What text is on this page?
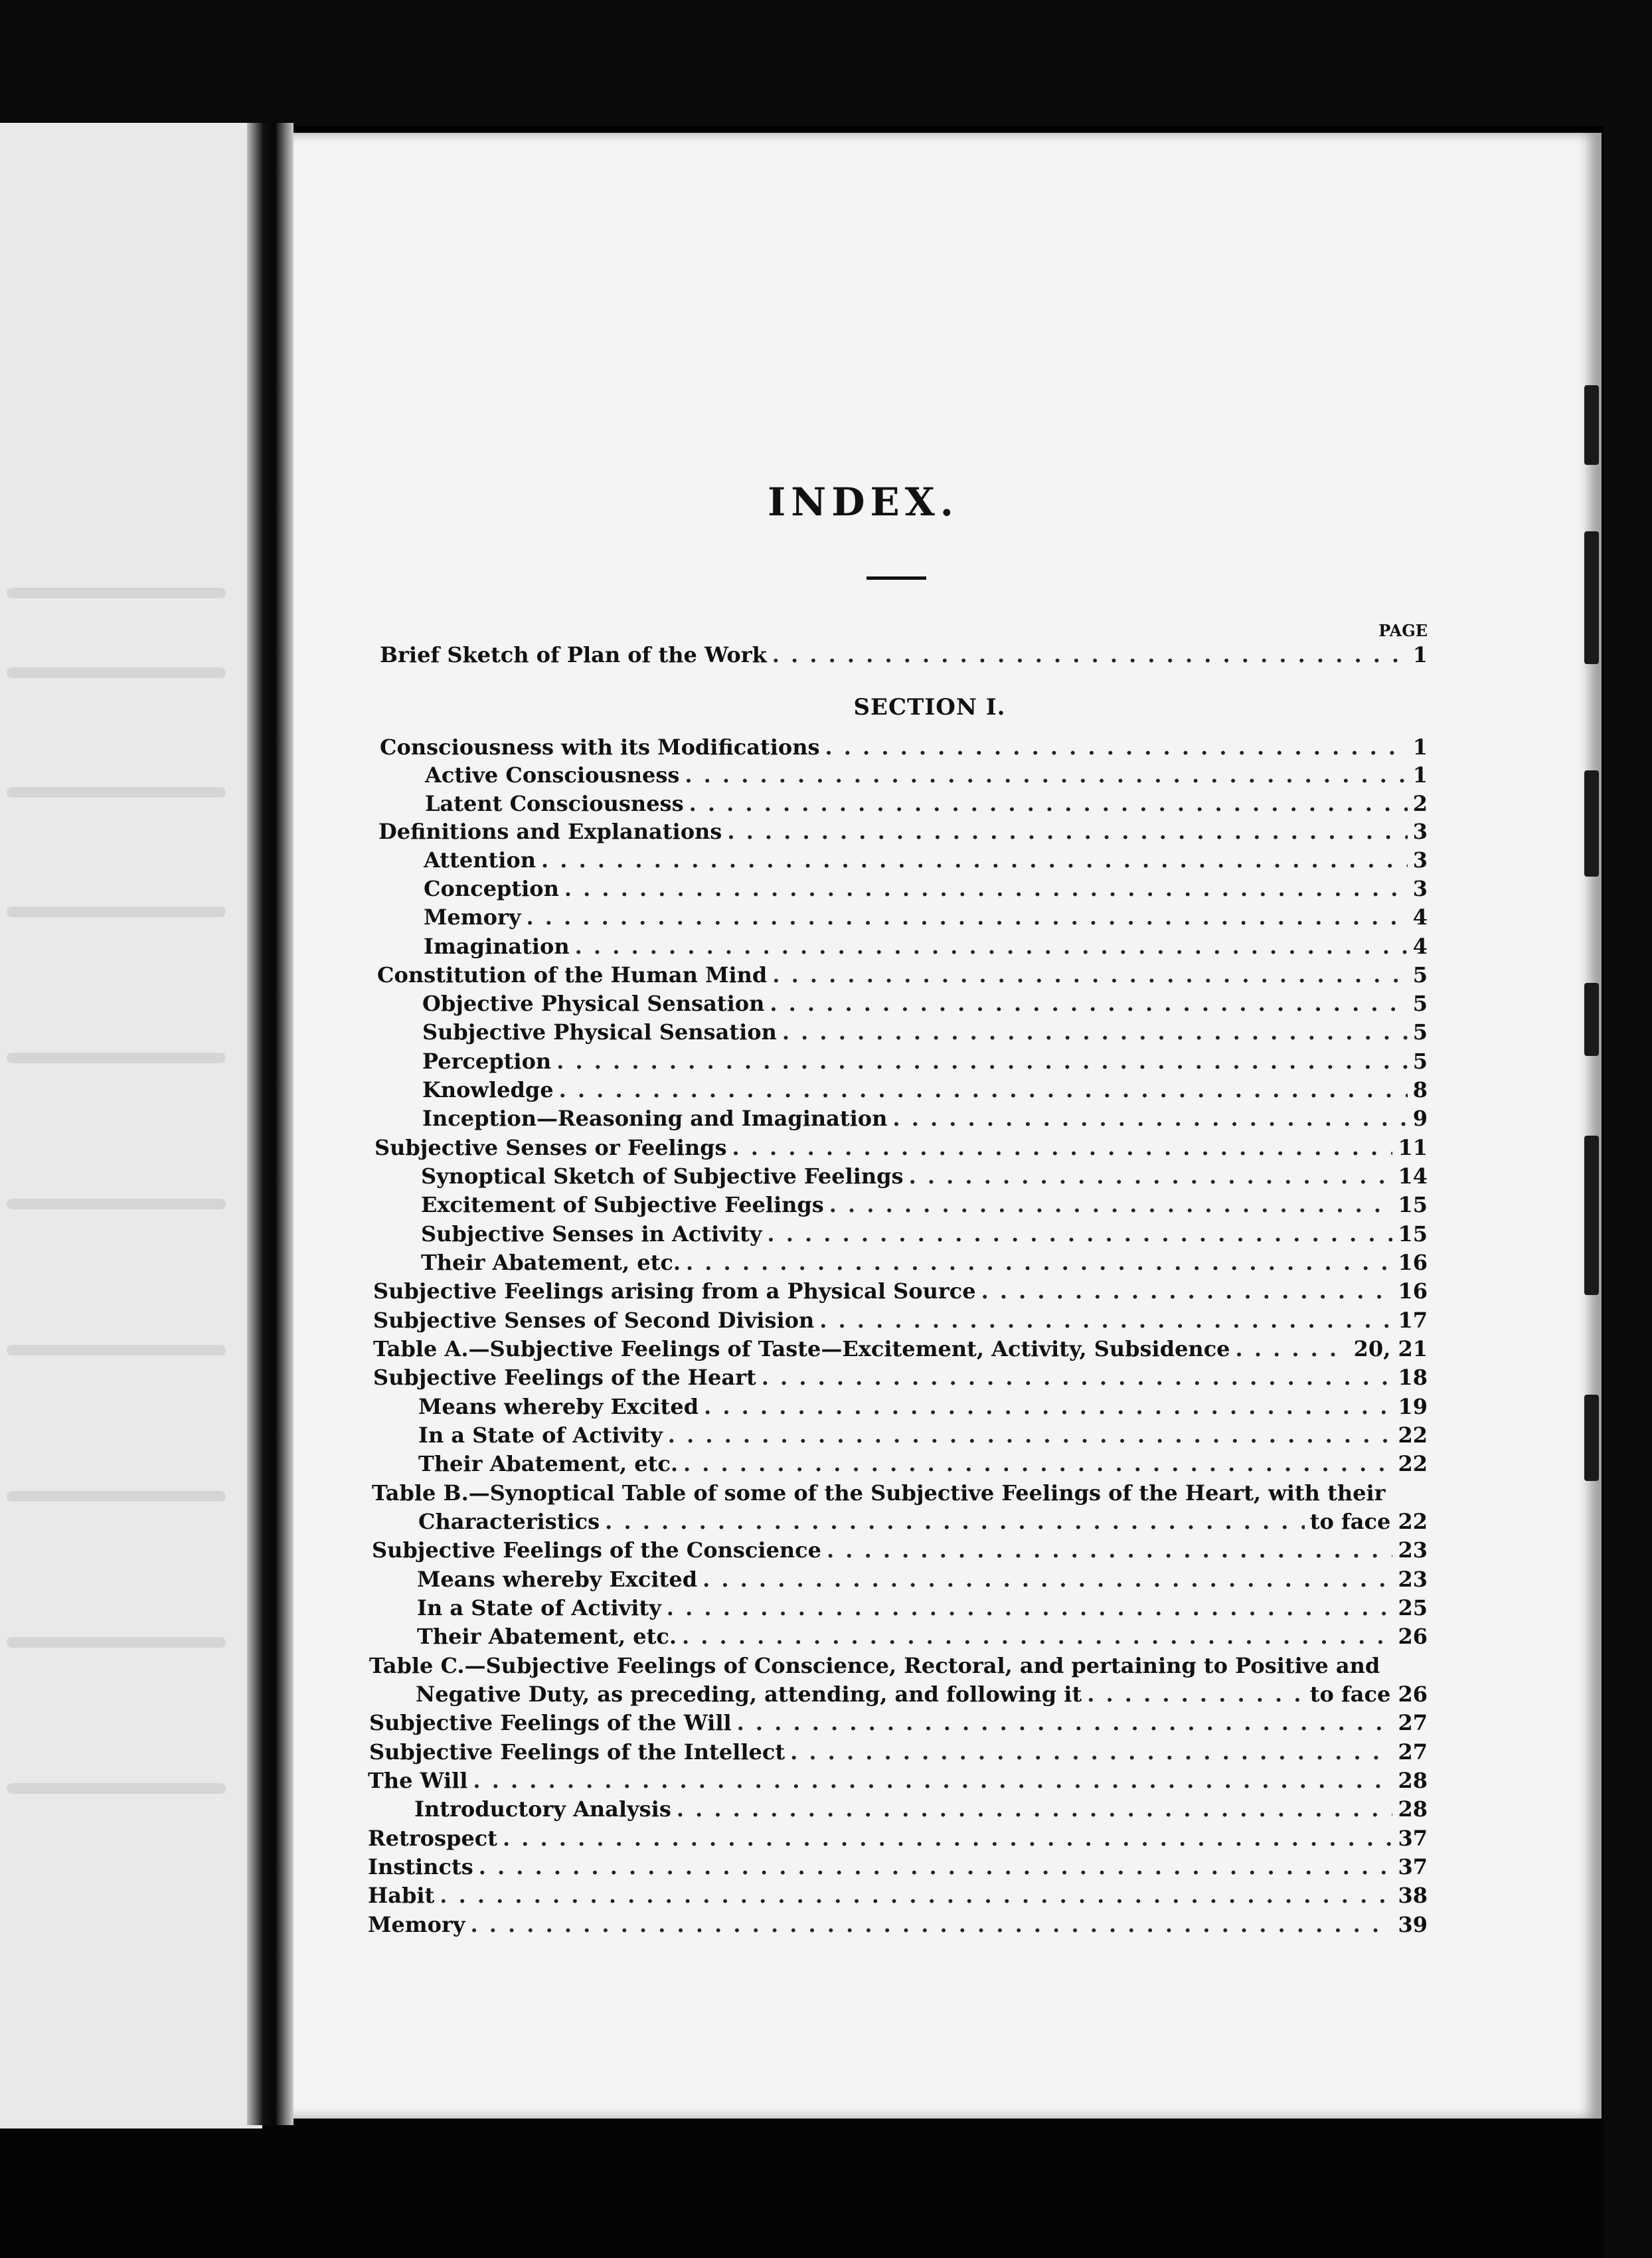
INDEX.
PAGE
SECTION I.
Brief Sketch of Plan of the Work . . .	1
Consciousness with its Modifications . . .	1
Active Consciousness . . .	1
Latent Consciousness . . .	2
Definitions and Explanations . . .	3
Attention . . .	3
Conception . . .	3
Memory . . .	4
Imagination . . .	4
Constitution of the Human Mind . . .	5
Objective Physical Sensation . . .	5
Subjective Physical Sensation . . .	5
Perception . . .	5
Knowledge . . .	8
Inception—Reasoning and Imagination . . .	9
Subjective Senses or Feelings . . .	11
Synoptical Sketch of Subjective Feelings . . .	14
Excitement of Subjective Feelings . . .	15
Subjective Senses in Activity . . .	15
Their Abatement, etc. . . .	16
Subjective Feelings arising from a Physical Source . . .	16
Subjective Senses of Second Division . . .	17
Table A.—Subjective Feelings of Taste—Excitement, Activity, Subsidence . . .	20, 21
Subjective Feelings of the Heart . . .	18
Means whereby Excited . . .	19
In a State of Activity . . .	22
Their Abatement, etc. . . .	22
Table B.—Synoptical Table of some of the Subjective Feelings of the Heart, with their
Characteristics . . .	to face 22
Subjective Feelings of the Conscience . . .	23
Means whereby Excited . . .	23
In a State of Activity . . .	25
Their Abatement, etc. . . .	26
Table C.—Subjective Feelings of Conscience, Rectoral, and pertaining to Positive and
Negative Duty, as preceding, attending, and following it . . .	to face 26
Subjective Feelings of the Will . . .	27
Subjective Feelings of the Intellect . . .	27
The Will . . .	28
Introductory Analysis . . .	28
Retrospect . . .	37
Instincts . . .	37
Habit . . .	38
Memory . . .	39
